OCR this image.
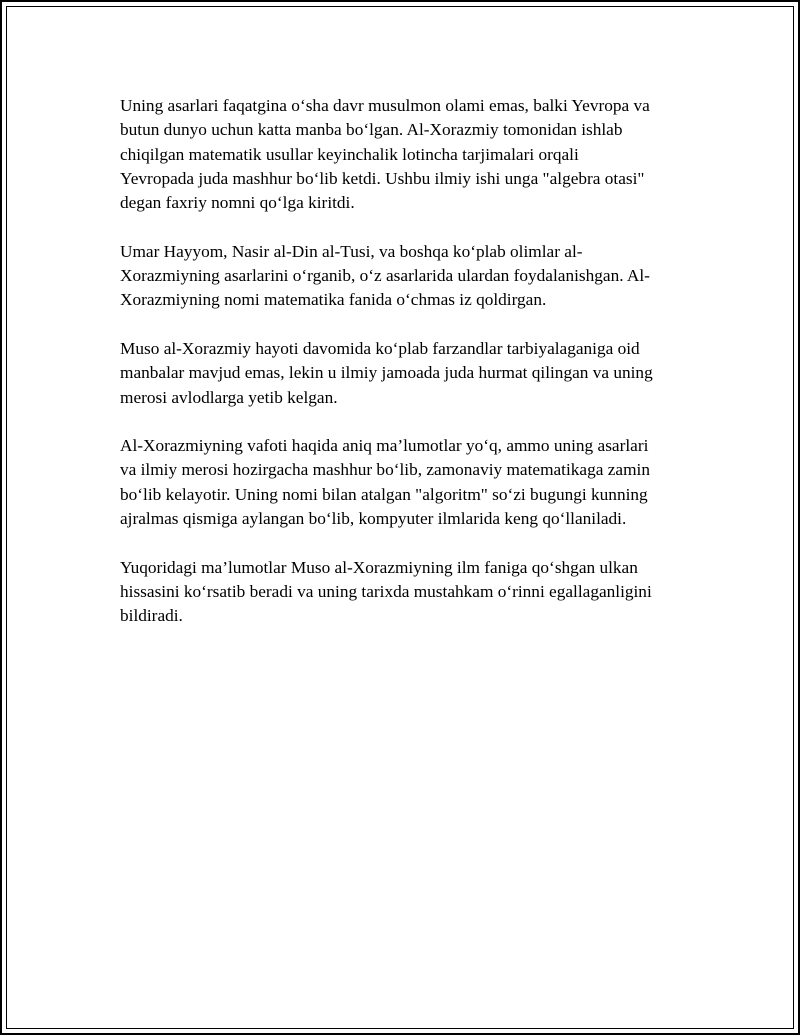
Uning asarlari faqatgina o‘sha davr musulmon olami emas, balki Yevropa va
butun dunyo uchun katta manba bo‘lgan. Al-Xorazmiy tomonidan ishlab
chiqilgan matematik usullar keyinchalik lotincha tarjimalari orqali
Yevropada juda mashhur bo‘lib ketdi. Ushbu ilmiy ishi unga "algebra otasi"
degan faxriy nomni qo‘lga kiritdi.

Umar Hayyom, Nasir al-Din al-Tusi, va boshqa ko‘plab olimlar al-
Xorazmiyning asarlarini o‘rganib, o‘z asarlarida ulardan foydalanishgan. Al-
Xorazmiyning nomi matematika fanida o‘chmas iz qoldirgan.

Muso al-Xorazmiy hayoti davomida ko‘plab farzandlar tarbiyalaganiga oid
manbalar mavjud emas, lekin u ilmiy jamoada juda hurmat qilingan va uning
merosi avlodlarga yetib kelgan.

Al-Xorazmiyning vafoti haqida aniq ma’lumotlar yo‘q, ammo uning asarlari
va ilmiy merosi hozirgacha mashhur bo‘lib, zamonaviy matematikaga zamin
bo‘lib kelayotir. Uning nomi bilan atalgan "algoritm" so‘zi bugungi kunning
ajralmas qismiga aylangan bo‘lib, kompyuter ilmlarida keng qo‘llaniladi.

Yuqoridagi ma’lumotlar Muso al-Xorazmiyning ilm faniga qo‘shgan ulkan
hissasini ko‘rsatib beradi va uning tarixda mustahkam o‘rinni egallaganligini
bildiradi.
